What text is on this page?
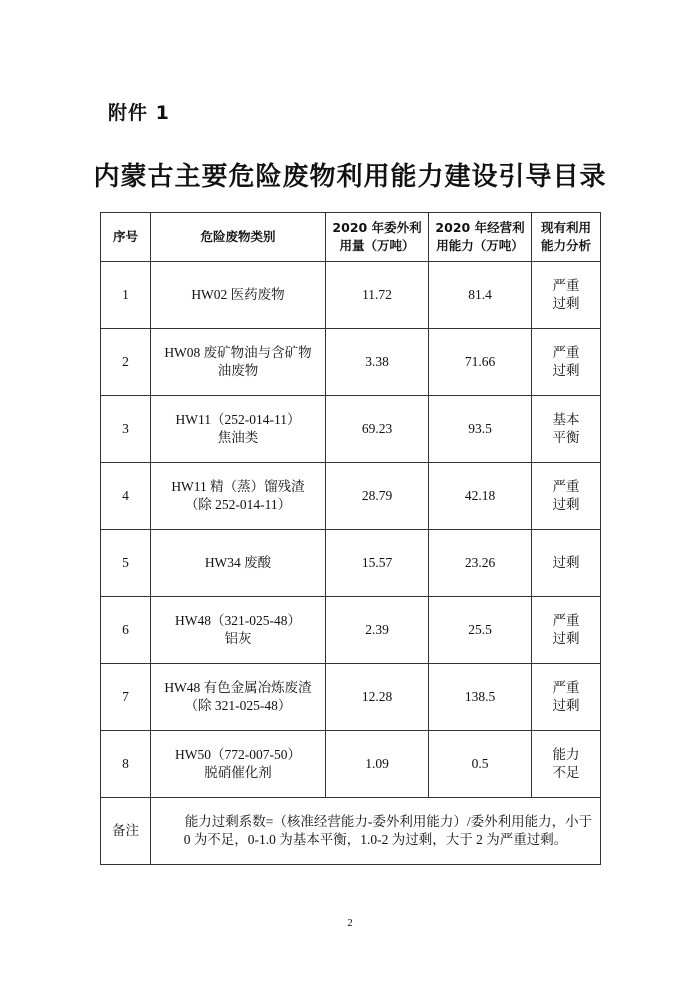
附件 1
内蒙古主要危险废物利用能力建设引导目录
序号	危险废物类别	2020 年委外利
用量（万吨）	2020 年经营利
用能力（万吨）	现有利用
能力分析

1	HW02 医药废物	11.72	81.4	严重
过剩

2	HW08 废矿物油与含矿物
油废物	3.38	71.66	严重
过剩

3	HW11（252-014-11）
焦油类	69.23	93.5	基本
平衡

4	HW11 精（蒸）馏残渣
（除 252-014-11）	28.79	42.18	严重
过剩

5	HW34 废酸	15.57	23.26	过剩

6	HW48（321-025-48）
铝灰	2.39	25.5	严重
过剩

7	HW48 有色金属冶炼废渣
（除 321-025-48）	12.28	138.5	严重
过剩

8	HW50（772-007-50）
脱硝催化剂	1.09	0.5	能力
不足

备注	能力过剩系数=（核准经营能力-委外利用能力）/委外利用能力，小于 0 为不足，0-1.0 为基本平衡，1.0-2 为过剩，大于 2 为严重过剩。			
2
